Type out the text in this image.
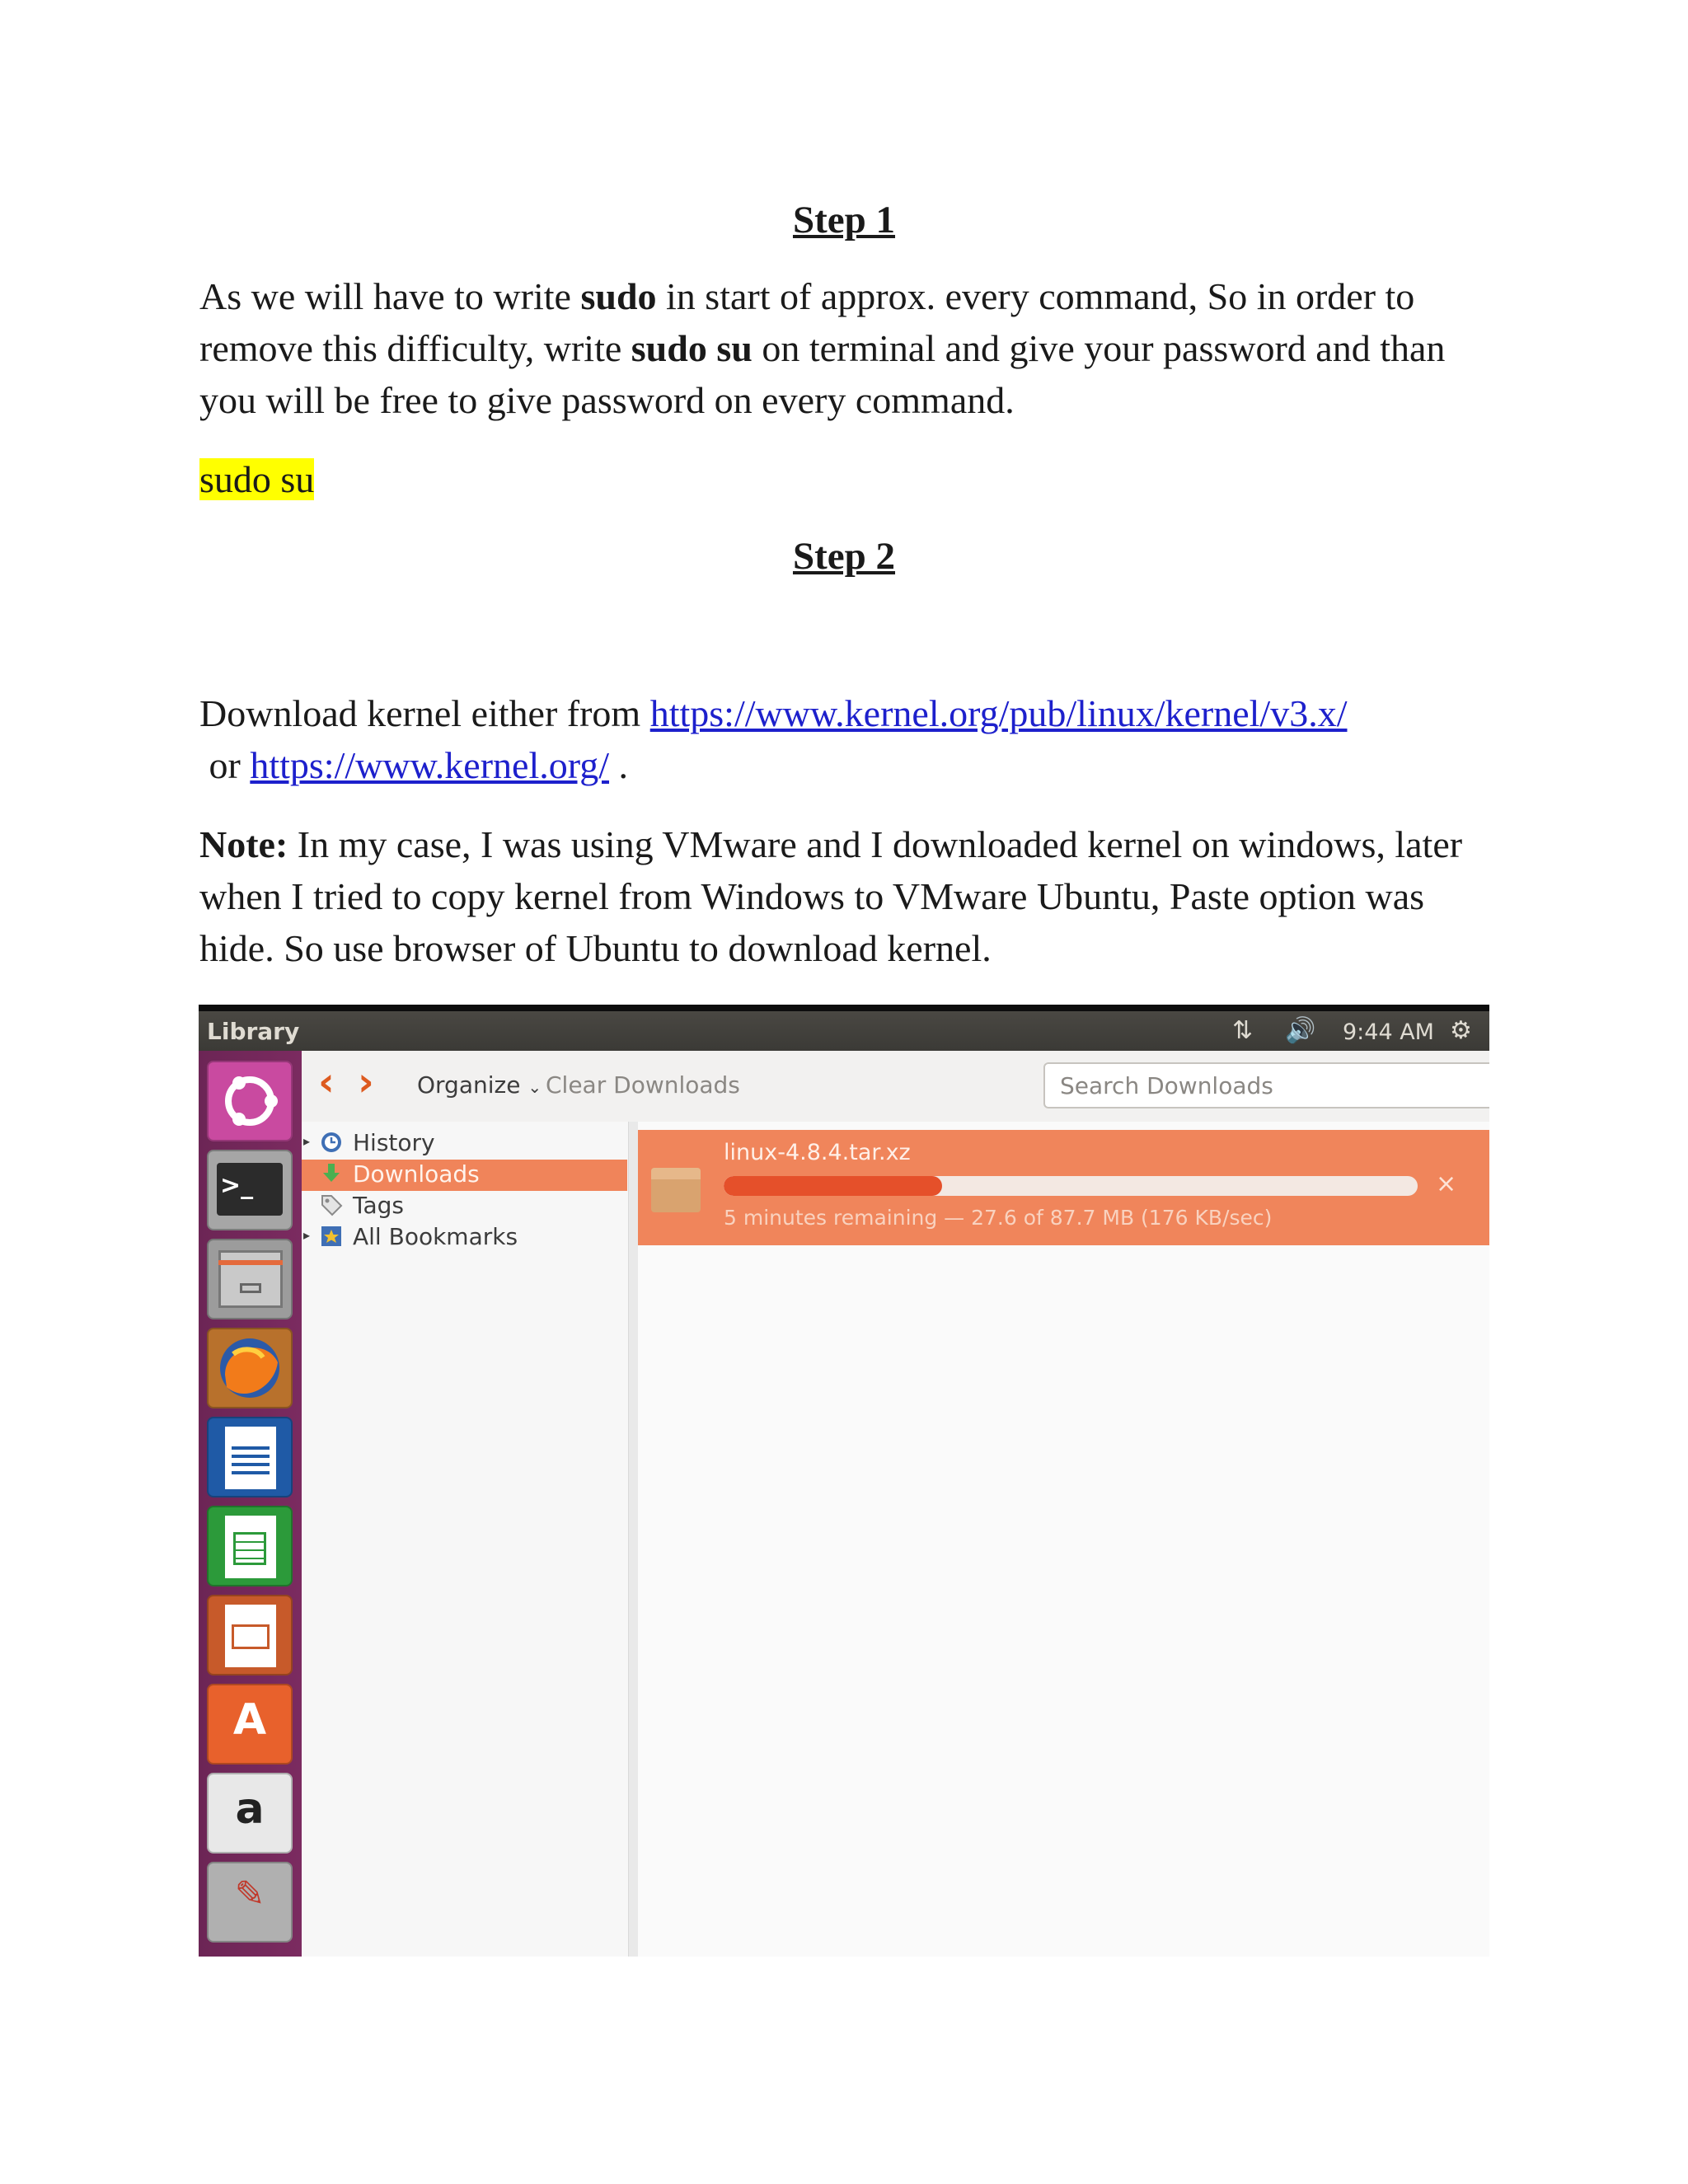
Step 1

As we will have to write sudo in start of approx. every command, So in order to remove this difficulty, write sudo su on terminal and give your password and than you will be free to give password on every command.

sudo su

Step 2

Download kernel either from https://www.kernel.org/pub/linux/kernel/v3.x/ or https://www.kernel.org/ .

Note: In my case, I was using VMware and I downloaded kernel on windows, later when I tried to copy kernel from Windows to VMware Ubuntu, Paste option was hide. So use browser of Ubuntu to download kernel.

Library	⇅ 🔊 9:44 AM ⚙
>_
A
a
✎
‹ › Organize ⌄ Clear Downloads	Search Downloads
▸ History
Downloads
Tags
▸ All Bookmarks
linux-4.8.4.tar.xz
5 minutes remaining — 27.6 of 87.7 MB (176 KB/sec)
×
